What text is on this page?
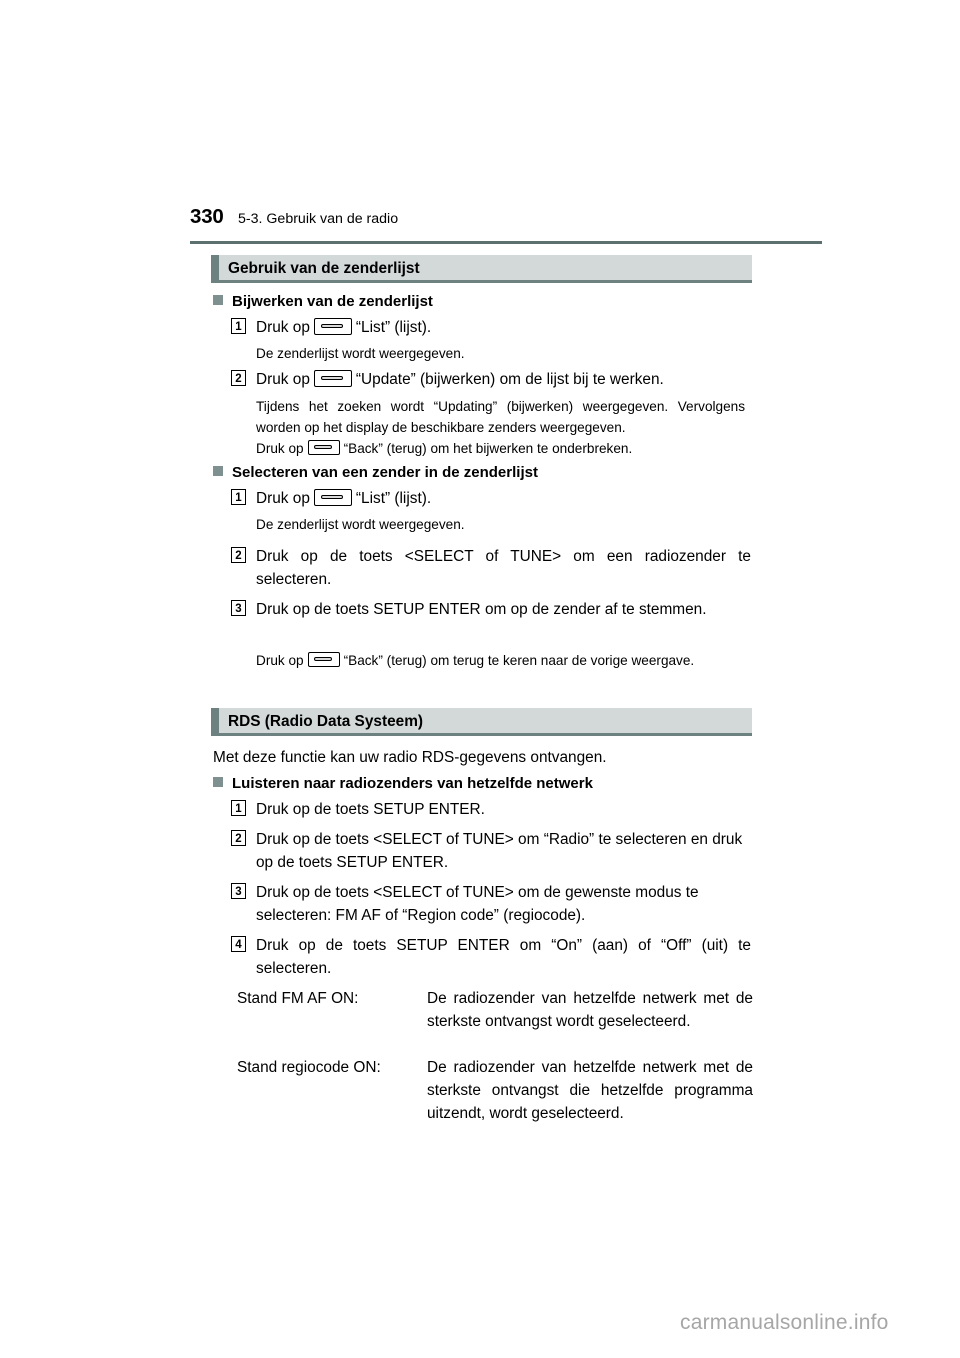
330 5-3. Gebruik van de radio
Gebruik van de zenderlijst
Bijwerken van de zenderlijst
1 Druk op	“List” (lijst).
De zenderlijst wordt weergegeven.
2 Druk op	“Update” (bijwerken) om de lijst bij te werken.
Tijdens het zoeken wordt “Updating” (bijwerken) weergegeven. Vervolgens worden op het display de beschikbare zenders weergegeven.
Druk op	“Back” (terug) om het bijwerken te onderbreken.
Selecteren van een zender in de zenderlijst
1 Druk op	“List” (lijst).
De zenderlijst wordt weergegeven.
2 Druk op de toets <SELECT of TUNE> om een radiozender te selecteren.
3 Druk op de toets SETUP ENTER om op de zender af te stemmen.
Druk op	“Back” (terug) om terug te keren naar de vorige weergave.
RDS (Radio Data Systeem)
Met deze functie kan uw radio RDS-gegevens ontvangen.
Luisteren naar radiozenders van hetzelfde netwerk
1 Druk op de toets SETUP ENTER.
2 Druk op de toets <SELECT of TUNE> om “Radio” te selecteren en druk op de toets SETUP ENTER.
3 Druk op de toets <SELECT of TUNE> om de gewenste modus te selecteren: FM AF of “Region code” (regiocode).
4 Druk op de toets SETUP ENTER om “On” (aan) of “Off” (uit) te selecteren.
Stand FM AF ON:	De radiozender van hetzelfde netwerk met de sterkste ontvangst wordt geselecteerd.
Stand regiocode ON:	De radiozender van hetzelfde netwerk met de sterkste ontvangst die hetzelfde programma uitzendt, wordt geselecteerd.
carmanualsonline.info
